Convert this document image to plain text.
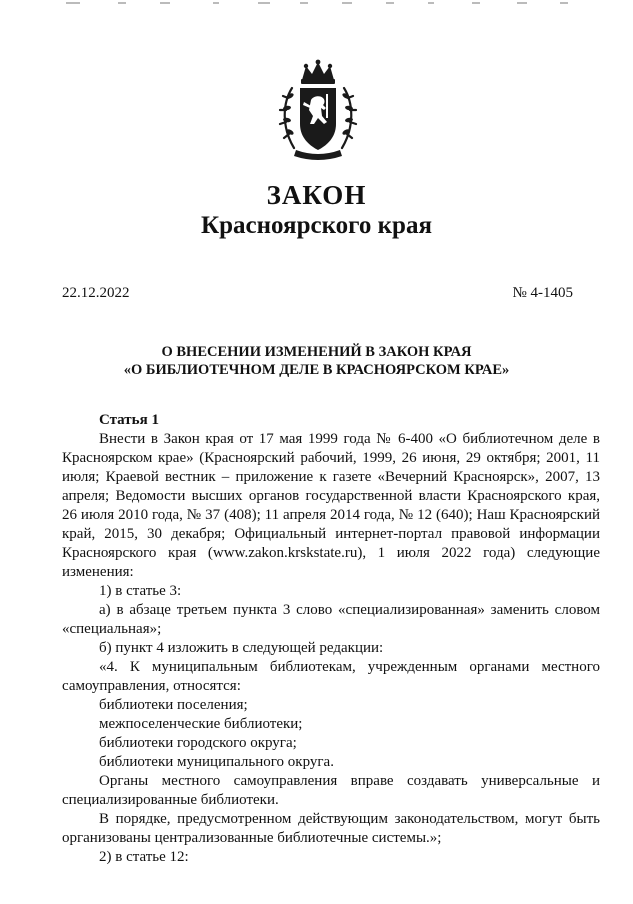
ЗАКОН
Красноярского края
22.12.2022	№ 4-1405
О ВНЕСЕНИИ ИЗМЕНЕНИЙ В ЗАКОН КРАЯ
«О БИБЛИОТЕЧНОМ ДЕЛЕ В КРАСНОЯРСКОМ КРАЕ»

Статья 1

Внести в Закон края от 17 мая 1999 года № 6-400 «О библиотечном деле в Красноярском крае» (Красноярский рабочий, 1999, 26 июня, 29 октября; 2001, 11 июля; Краевой вестник – приложение к газете «Вечерний Красноярск», 2007, 13 апреля; Ведомости высших органов государственной власти Красноярского края, 26 июля 2010 года, № 37 (408); 11 апреля 2014 года, № 12 (640); Наш Красноярский край, 2015, 30 декабря; Официальный интернет-портал правовой информации Красноярского края (www.zakon.krskstate.ru), 1 июля 2022 года) следующие изменения:

1) в статье 3:

а) в абзаце третьем пункта 3 слово «специализированная» заменить словом «специальная»;

б) пункт 4 изложить в следующей редакции:

«4. К муниципальным библиотекам, учрежденным органами местного самоуправления, относятся:

библиотеки поселения;

межпоселенческие библиотеки;

библиотеки городского округа;

библиотеки муниципального округа.

Органы местного самоуправления вправе создавать универсальные и специализированные библиотеки.

В порядке, предусмотренном действующим законодательством, могут быть организованы централизованные библиотечные системы.»;

2) в статье 12:
